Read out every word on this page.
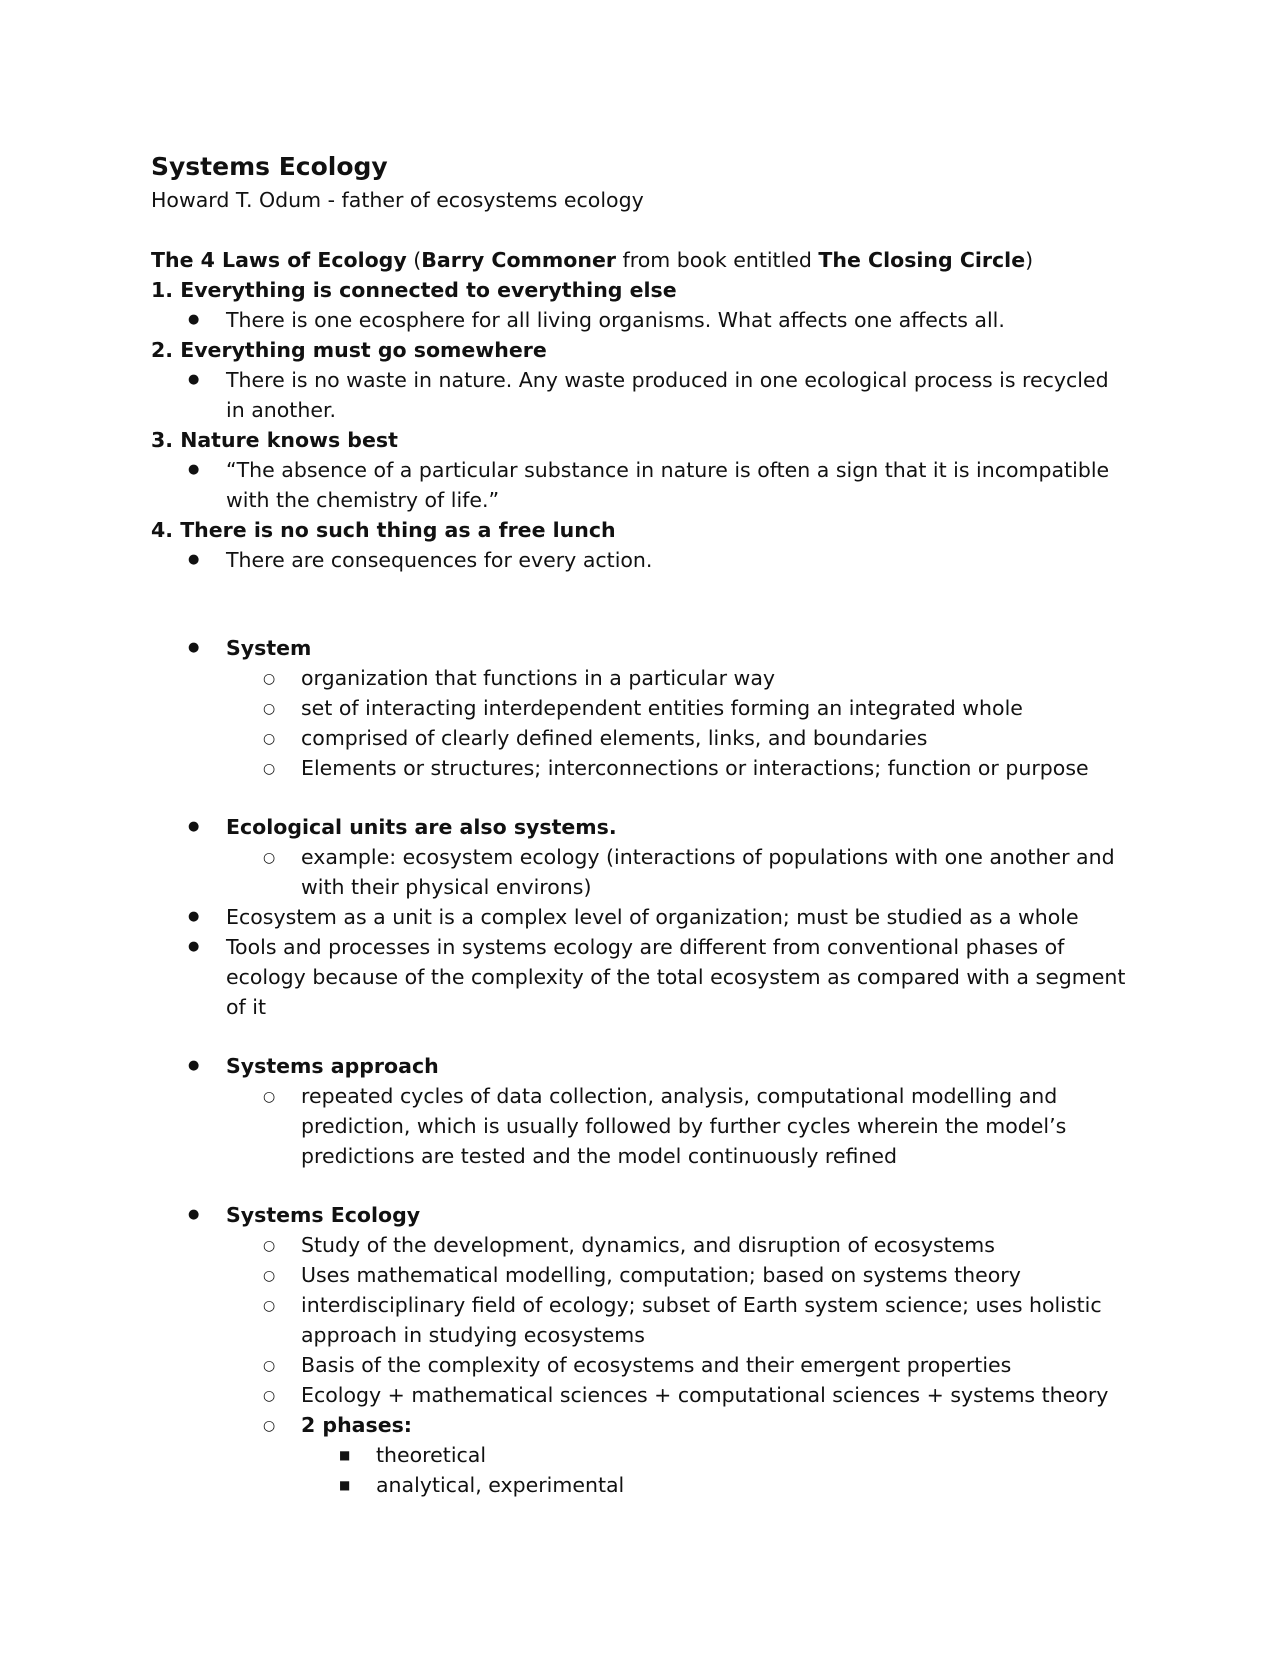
Systems Ecology

Howard T. Odum - father of ecosystems ecology

The 4 Laws of Ecology (Barry Commoner from book entitled The Closing Circle)

1. Everything is connected to everything else

● There is one ecosphere for all living organisms. What affects one affects all.

2. Everything must go somewhere

● There is no waste in nature. Any waste produced in one ecological process is recycled in another.

3. Nature knows best

● “The absence of a particular substance in nature is often a sign that it is incompatible with the chemistry of life.”

4. There is no such thing as a free lunch

● There are consequences for every action.
● System
○ organization that functions in a particular way
○ set of interacting interdependent entities forming an integrated whole
○ comprised of clearly defined elements, links, and boundaries
○ Elements or structures; interconnections or interactions; function or purpose
● Ecological units are also systems.
○ example: ecosystem ecology (interactions of populations with one another and with their physical environs)
● Ecosystem as a unit is a complex level of organization; must be studied as a whole
● Tools and processes in systems ecology are different from conventional phases of ecology because of the complexity of the total ecosystem as compared with a segment of it
● Systems approach
○ repeated cycles of data collection, analysis, computational modelling and prediction, which is usually followed by further cycles wherein the model’s predictions are tested and the model continuously refined
● Systems Ecology
○ Study of the development, dynamics, and disruption of ecosystems
○ Uses mathematical modelling, computation; based on systems theory
○ interdisciplinary field of ecology; subset of Earth system science; uses holistic approach in studying ecosystems
○ Basis of the complexity of ecosystems and their emergent properties
○ Ecology + mathematical sciences + computational sciences + systems theory
○ 2 phases:
■ theoretical
■ analytical, experimental
